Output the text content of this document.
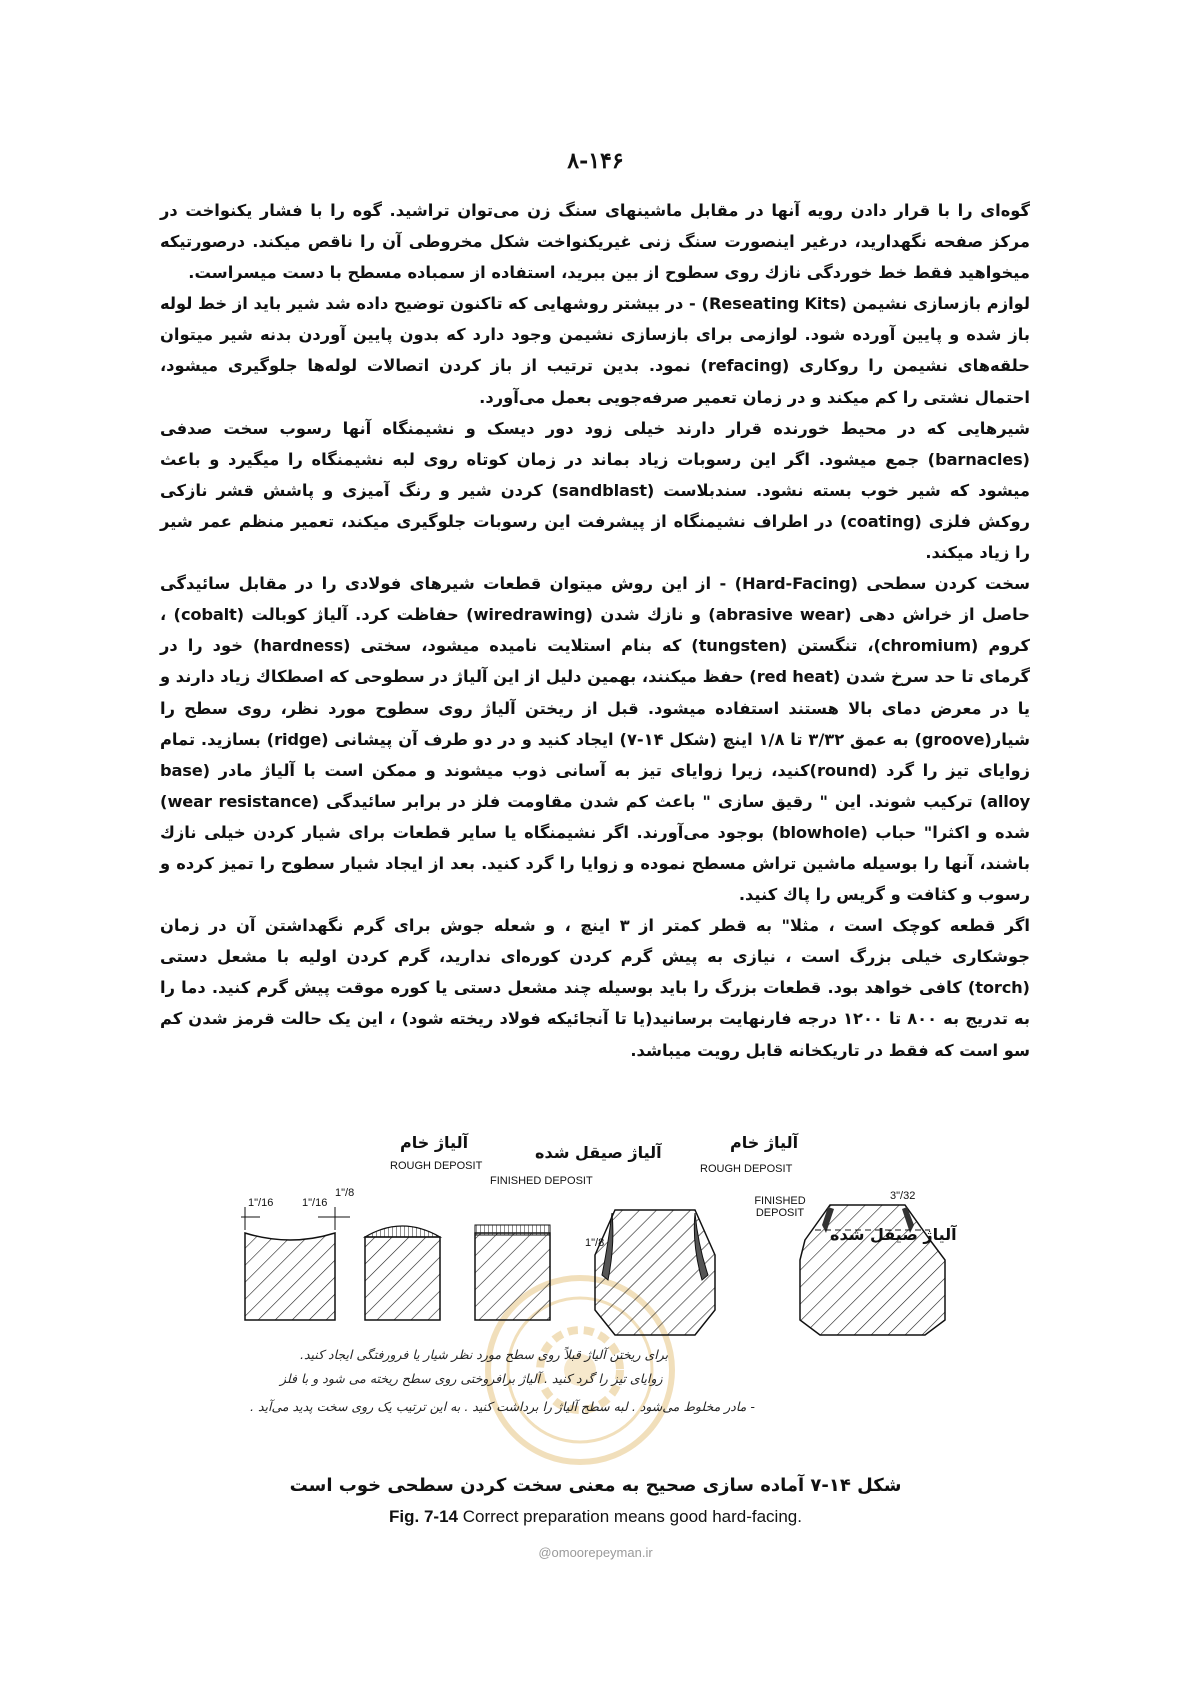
۸-۱۴۶

گوه‌ای را با قرار دادن رویه آنها در مقابل ماشینهای سنگ زن می‌توان تراشید. گوه را با فشار یکنواخت در مرکز صفحه نگهدارید، درغیر اینصورت سنگ زنی غیریکنواخت شکل مخروطی آن را ناقص میکند. درصورتیکه میخواهید فقط خط خوردگی نازك روی سطوح از بین ببرید، استفاده از سمباده مسطح با دست میسراست.

لوازم بازسازی نشیمن (Reseating Kits) - در بیشتر روشهایی که تاکنون توضیح داده شد شیر باید از خط لوله باز شده و پایین آورده شود. لوازمی برای بازسازی نشیمن وجود دارد که بدون پایین آوردن بدنه شیر میتوان حلقه‌های نشیمن را روکاری (refacing) نمود. بدین ترتیب از باز کردن اتصالات لوله‌ها جلوگیری میشود، احتمال نشتی را کم میکند و در زمان تعمیر صرفه‌جویی بعمل می‌آورد.

شیرهایی که در محیط خورنده قرار دارند خیلی زود دور دیسک و نشیمنگاه آنها رسوب سخت صدفی (barnacles) جمع میشود. اگر این رسوبات زیاد بماند در زمان کوتاه روی لبه نشیمنگاه را میگیرد و باعث میشود که شیر خوب بسته نشود. سندبلاست (sandblast) کردن شیر و رنگ آمیزی و پاشش قشر نازکی روکش فلزی (coating) در اطراف نشیمنگاه از پیشرفت این رسوبات جلوگیری میکند، تعمیر منظم عمر شیر را زیاد میکند.

سخت کردن سطحی (Hard-Facing) - از این روش میتوان قطعات شیرهای فولادی را در مقابل سائیدگی حاصل از خراش دهی (abrasive wear) و نازك شدن (wiredrawing) حفاظت کرد. آلیاژ کوبالت (cobalt) ، کروم (chromium)، تنگستن (tungsten) که بنام استلایت نامیده میشود، سختی (hardness) خود را در گرمای تا حد سرخ شدن (red heat) حفظ میکنند، بهمین دلیل از این آلیاژ در سطوحی که اصطکاك زیاد دارند و یا در معرض دمای بالا هستند استفاده میشود. قبل از ریختن آلیاژ روی سطوح مورد نظر، روی سطح را شیار(groove) به عمق ۳/۳۲ تا ۱/۸ اینچ (شکل ۱۴-۷) ایجاد کنید و در دو طرف آن پیشانی (ridge) بسازید. تمام زوایای تیز را گرد (round)کنید، زیرا زوایای تیز به آسانی ذوب میشوند و ممکن است با آلیاژ مادر (base alloy) ترکیب شوند. این " رقیق سازی " باعث کم شدن مقاومت فلز در برابر سائیدگی (wear resistance) شده و اکثرا" حباب (blowhole) بوجود می‌آورند. اگر نشیمنگاه یا سایر قطعات برای شیار کردن خیلی نازك باشند، آنها را بوسیله ماشین تراش مسطح نموده و زوایا را گرد کنید. بعد از ایجاد شیار سطوح را تمیز کرده و رسوب و کثافت و گریس را پاك کنید.

اگر قطعه کوچک است ، مثلا" به قطر کمتر از ۳ اینچ ، و شعله جوش برای گرم نگهداشتن آن در زمان جوشکاری خیلی بزرگ است ، نیازی به پیش گرم کردن کوره‌ای ندارید، گرم کردن اولیه با مشعل دستی (torch) کافی خواهد بود. قطعات بزرگ را باید بوسیله چند مشعل دستی یا کوره موقت پیش گرم کنید. دما را به تدریج به ۸۰۰ تا ۱۲۰۰ درجه فارنهایت برسانید(یا تا آنجائیکه فولاد ریخته شود) ، این یک حالت قرمز شدن کم سو است که فقط در تاریکخانه قابل رویت میباشد.

1"/16	1"/16
1"/8
1"/8
3"/32
ROUGH DEPOSIT
FINISHED DEPOSIT
ROUGH DEPOSIT
FINISHED DEPOSIT
آلیاژ خام
آلیاژ صیقل شده
آلیاژ خام
آلیاژ صیقل شده
برای ریختن آلیاژ قبلاً روی سطح مورد نظر شیار یا فرورفتگی ایجاد کنید.
زوایای تیز را گرد کنید . آلیاژ برافروختی روی سطح ریخته می شود و با فلز
- مادر مخلوط می‌شود . لبه سطح آلیاژ را برداشت کنید . به این ترتیب یک روی سخت پدید می‌آید .
شکل ۱۴-۷ آماده سازی صحیح به معنی سخت کردن سطحی خوب است
Fig. 7-14 Correct preparation means good hard-facing.
@omoorepeyman.ir
